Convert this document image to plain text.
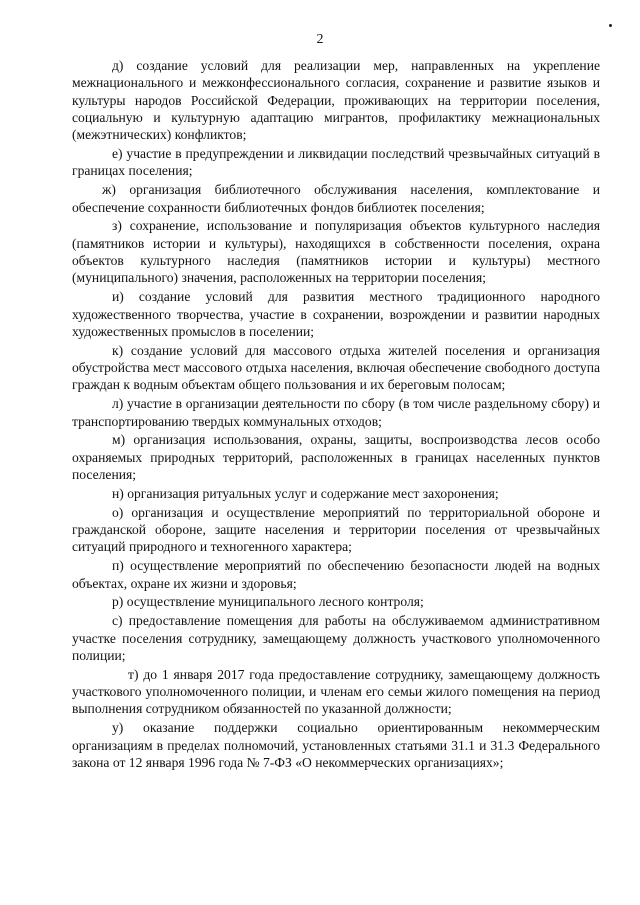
2

д) создание условий для реализации мер, направленных на укрепление межнационального и межконфессионального согласия, сохранение и развитие языков и культуры народов Российской Федерации, проживающих на территории поселения, социальную и культурную адаптацию мигрантов, профилактику межнациональных (межэтнических) конфликтов;

е) участие в предупреждении и ликвидации последствий чрезвычайных ситуаций в границах поселения;

ж) организация библиотечного обслуживания населения, комплектование и обеспечение сохранности библиотечных фондов библиотек поселения;

з) сохранение, использование и популяризация объектов культурного наследия (памятников истории и культуры), находящихся в собственности поселения, охрана объектов культурного наследия (памятников истории и культуры) местного (муниципального) значения, расположенных на территории поселения;

и) создание условий для развития местного традиционного народного художественного творчества, участие в сохранении, возрождении и развитии народных художественных промыслов в поселении;

к) создание условий для массового отдыха жителей поселения и организация обустройства мест массового отдыха населения, включая обеспечение свободного доступа граждан к водным объектам общего пользования и их береговым полосам;

л) участие в организации деятельности по сбору (в том числе раздельному сбору) и транспортированию твердых коммунальных отходов;

м) организация использования, охраны, защиты, воспроизводства лесов особо охраняемых природных территорий, расположенных в границах населенных пунктов поселения;

н) организация ритуальных услуг и содержание мест захоронения;

о) организация и осуществление мероприятий по территориальной обороне и гражданской обороне, защите населения и территории поселения от чрезвычайных ситуаций природного и техногенного характера;

п) осуществление мероприятий по обеспечению безопасности людей на водных объектах, охране их жизни и здоровья;

р) осуществление муниципального лесного контроля;

с) предоставление помещения для работы на обслуживаемом административном участке поселения сотруднику, замещающему должность участкового уполномоченного полиции;

т) до 1 января 2017 года предоставление сотруднику, замещающему должность участкового уполномоченного полиции, и членам его семьи жилого помещения на период выполнения сотрудником обязанностей по указанной должности;

у) оказание поддержки социально ориентированным некоммерческим организациям в пределах полномочий, установленных статьями 31.1 и 31.3 Федерального закона от 12 января 1996 года № 7-ФЗ «О некоммерческих организациях»;
